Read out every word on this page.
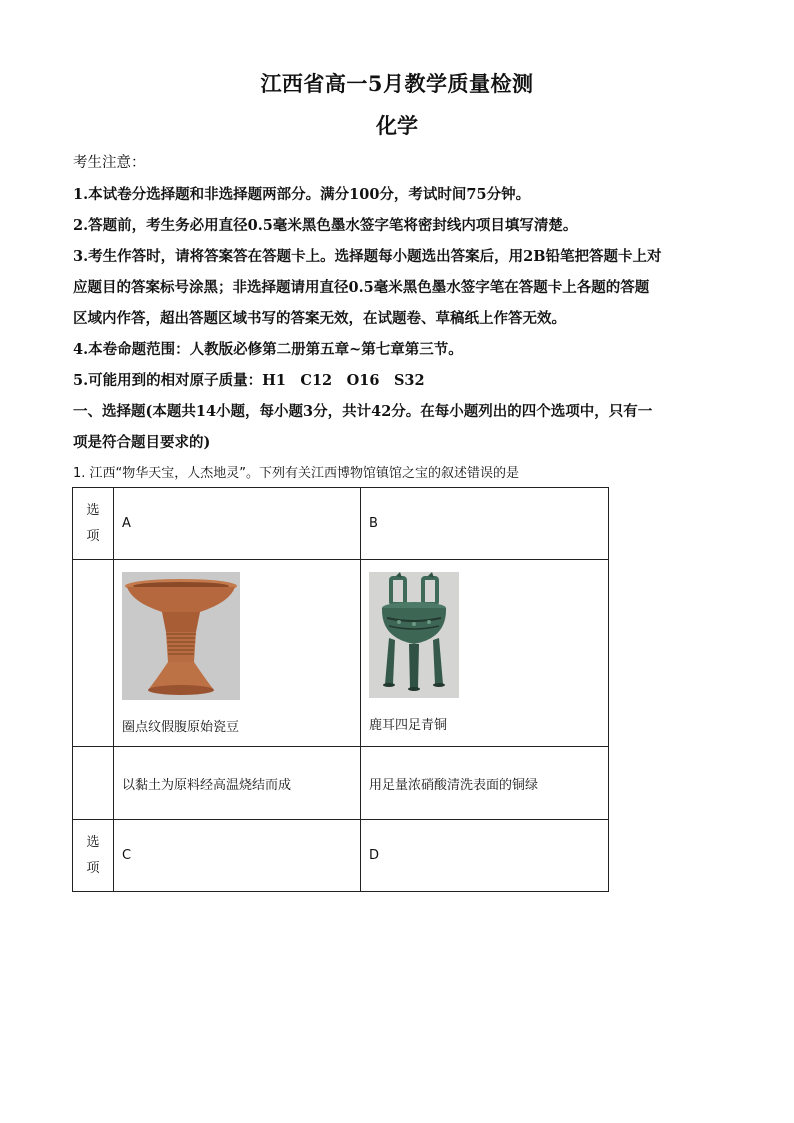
江西省高一5月教学质量检测
化学
考生注意：
1.本试卷分选择题和非选择题两部分。满分100分，考试时间75分钟。
2.答题前，考生务必用直径0.5毫米黑色墨水签字笔将密封线内项目填写清楚。
3.考生作答时，请将答案答在答题卡上。选择题每小题选出答案后，用2B铅笔把答题卡上对
应题目的答案标号涂黑；非选择题请用直径0.5毫米黑色墨水签字笔在答题卡上各题的答题
区域内作答，超出答题区域书写的答案无效，在试题卷、草稿纸上作答无效。
4.本卷命题范围：人教版必修第二册第五章~第七章第三节。
5.可能用到的相对原子质量：H1　C12　O16　S32
一、选择题(本题共14小题，每小题3分，共计42分。在每小题列出的四个选项中，只有一
项是符合题目要求的)
1. 江西“物华天宝，人杰地灵”。下列有关江西博物馆镇馆之宝的叙述错误的是
选
项	A	B

	圈点纹假腹原始瓷豆	鹿耳四足青铜

	以黏土为原料经高温烧结而成	用足量浓硝酸清洗表面的铜绿

选
项	C	D
